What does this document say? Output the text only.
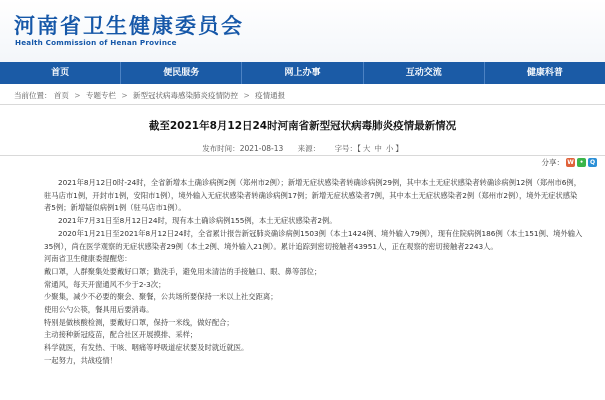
河南省卫生健康委员会
Health Commission of Henan Province
首页	便民服务	网上办事	互动交流	健康科普
当前位置： 首页 > 专题专栏 > 新型冠状病毒感染肺炎疫情防控 > 疫情通报
截至2021年8月12日24时河南省新型冠状病毒肺炎疫情最新情况
发布时间：2021-08-13 来源： 字号：【 大 中 小 】
分享： W •	Q

2021年8月12日0时-24时，全省新增本土确诊病例2例（郑州市2例）；新增无症状感染者转确诊病例29例，其中本土无症状感染者转确诊病例12例（郑州市6例，驻马店市1例，开封市1例，安阳市1例），境外输入无症状感染者转确诊病例17例；新增无症状感染者7例，其中本土无症状感染者2例（郑州市2例），境外无症状感染者5例；新增疑似病例1例（驻马店市1例）。

2021年7月31日至8月12日24时，现有本土确诊病例155例，本土无症状感染者2例。

2020年1月21日至2021年8月12日24时，全省累计报告新冠肺炎确诊病例1503例（本土1424例、境外输入79例），现有住院病例186例（本土151例、境外输入35例），尚在医学观察的无症状感染者29例（本土2例、境外输入21例）。累计追踪到密切接触者43951人，正在观察的密切接触者2243人。

河南省卫生健康委提醒您：

戴口罩，人群聚集处要戴好口罩；勤洗手，避免用未清洁的手接触口、眼、鼻等部位；

常通风，每天开窗通风不少于2-3次；

少聚集，减少不必要的聚会、聚餐，公共场所要保持一米以上社交距离；

使用公勺公筷，餐具用后要消毒。

特别是做核酸检测，要戴好口罩，保持一米线，做好配合；

主动接种新冠疫苗，配合社区开展摸排、采样；

科学就医，有发热、干咳、咽痛等呼吸道症状要及时就近就医。

一起努力，共战疫情！
